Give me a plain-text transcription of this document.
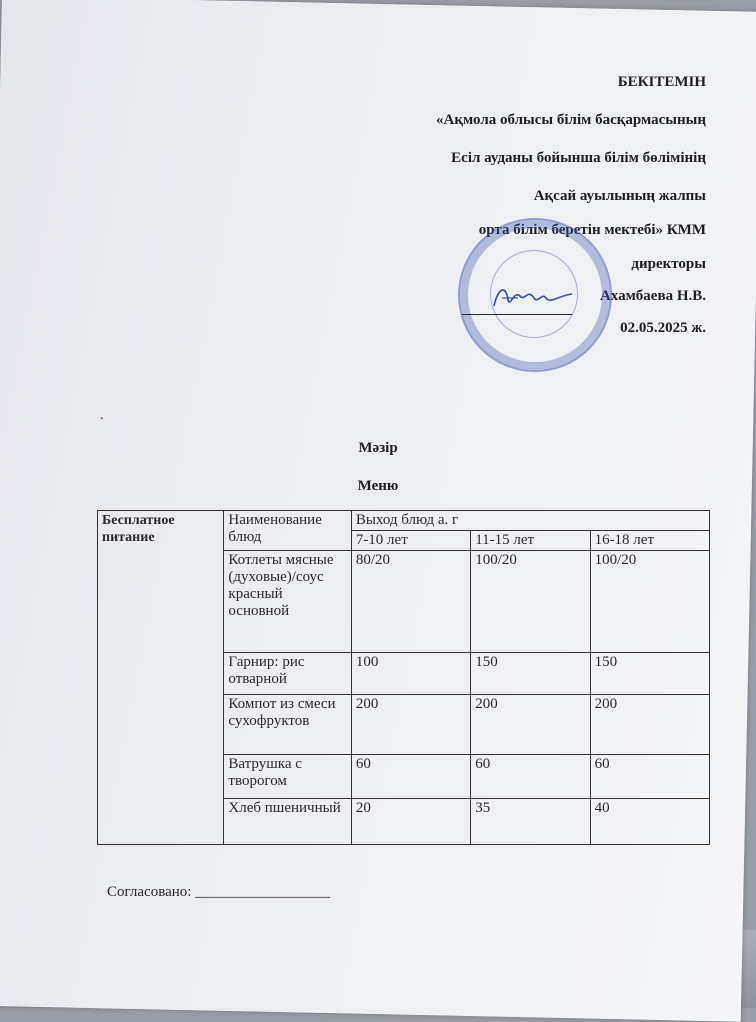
БЕКІТЕМІН
«Ақмола облысы білім басқармасының
Есіл ауданы бойынша білім бөлімінің
Ақсай ауылының жалпы
орта білім беретін мектебі» КММ
директоры
Ахамбаева Н.В.
02.05.2025 ж.
.
Мәзір
Меню
Бесплатное питание	Наименование блюд	Выход блюд а. г		
		7-10 лет	11-15 лет	16-18 лет
	Котлеты мясные (духовые)/соус красный основной	80/20	100/20	100/20
	Гарнир: рис отварной	100	150	150
	Компот из смеси сухофруктов	200	200	200
	Ватрушка с творогом	60	60	60
	Хлеб пшеничный	20	35	40
Согласовано: __________________
